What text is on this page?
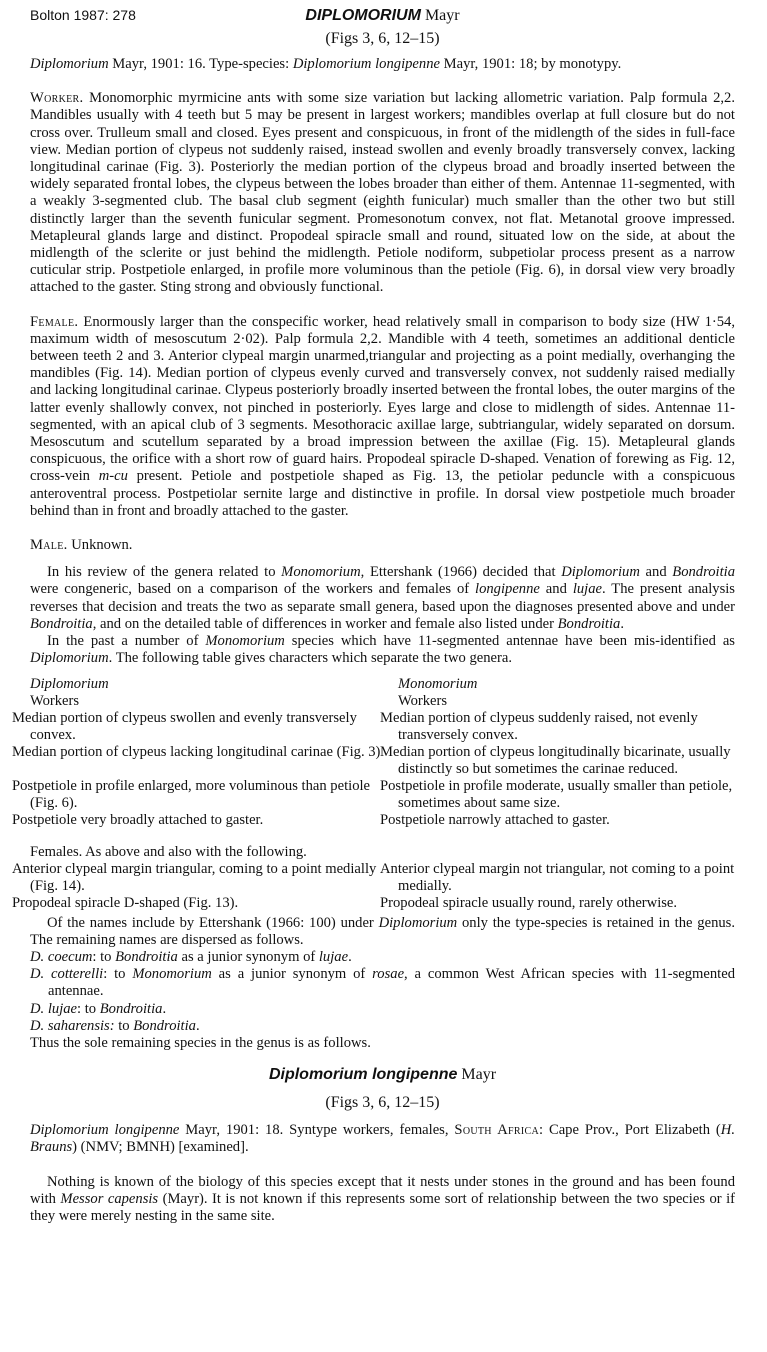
Bolton 1987: 278	DIPLOMORIUM Mayr
(Figs 3, 6, 12–15)

Diplomorium Mayr, 1901: 16. Type-species: Diplomorium longipenne Mayr, 1901: 18; by monotypy.

Worker. Monomorphic myrmicine ants with some size variation but lacking allometric variation. Palp formula 2,2. Mandibles usually with 4 teeth but 5 may be present in largest workers; mandibles overlap at full closure but do not cross over. Trulleum small and closed. Eyes present and conspicuous, in front of the midlength of the sides in full-face view. Median portion of clypeus not suddenly raised, instead swollen and evenly broadly transversely convex, lacking longitudinal carinae (Fig. 3). Posteriorly the median portion of the clypeus broad and broadly inserted between the widely separated frontal lobes, the clypeus between the lobes broader than either of them. Antennae 11-segmented, with a weakly 3-segmented club. The basal club segment (eighth funicular) much smaller than the other two but still distinctly larger than the seventh funicular segment. Promesonotum convex, not flat. Metanotal groove impressed. Metapleural glands large and distinct. Propodeal spiracle small and round, situated low on the side, at about the midlength of the sclerite or just behind the midlength. Petiole nodiform, subpetiolar process present as a narrow cuticular strip. Postpetiole enlarged, in profile more voluminous than the petiole (Fig. 6), in dorsal view very broadly attached to the gaster. Sting strong and obviously functional.

Female. Enormously larger than the conspecific worker, head relatively small in comparison to body size (HW 1·54, maximum width of mesoscutum 2·02). Palp formula 2,2. Mandible with 4 teeth, sometimes an additional denticle between teeth 2 and 3. Anterior clypeal margin unarmed,triangular and projecting as a point medially, overhanging the mandibles (Fig. 14). Median portion of clypeus evenly curved and transversely convex, not suddenly raised medially and lacking longitudinal carinae. Clypeus posteriorly broadly inserted between the frontal lobes, the outer margins of the latter evenly shallowly convex, not pinched in posteriorly. Eyes large and close to midlength of sides. Antennae 11-segmented, with an apical club of 3 segments. Mesothoracic axillae large, subtriangular, widely separated on dorsum. Mesoscutum and scutellum separated by a broad impression between the axillae (Fig. 15). Metapleural glands conspicuous, the orifice with a short row of guard hairs. Propodeal spiracle D-shaped. Venation of forewing as Fig. 12, cross-vein m-cu present. Petiole and postpetiole shaped as Fig. 13, the petiolar peduncle with a conspicuous anteroventral process. Postpetiolar sernite large and distinctive in profile. In dorsal view postpetiole much broader behind than in front and broadly attached to the gaster.

Male. Unknown.

In his review of the genera related to Monomorium, Ettershank (1966) decided that Diplomorium and Bondroitia were congeneric, based on a comparison of the workers and females of longipenne and lujae. The present analysis reverses that decision and treats the two as separate small genera, based upon the diagnoses presented above and under Bondroitia, and on the detailed table of differences in worker and female also listed under Bondroitia.

In the past a number of Monomorium species which have 11-segmented antennae have been mis-identified as Diplomorium. The following table gives characters which separate the two genera.

Diplomorium	Monomorium
Workers	Workers
Median portion of clypeus swollen and evenly transversely convex.	Median portion of clypeus suddenly raised, not evenly transversely convex.
Median portion of clypeus lacking longitudinal carinae (Fig. 3)	Median portion of clypeus longitudinally bicarinate, usually distinctly so but sometimes the carinae reduced.
Postpetiole in profile enlarged, more voluminous than petiole (Fig. 6).	Postpetiole in profile moderate, usually smaller than petiole, sometimes about same size.
Postpetiole very broadly attached to gaster.	Postpetiole narrowly attached to gaster.

Females. As above and also with the following.	
Anterior clypeal margin triangular, coming to a point medially (Fig. 14).	Anterior clypeal margin not triangular, not coming to a point medially.
Propodeal spiracle D-shaped (Fig. 13).	Propodeal spiracle usually round, rarely otherwise.

Of the names include by Ettershank (1966: 100) under Diplomorium only the type-species is retained in the genus. The remaining names are dispersed as follows.

D. coecum: to Bondroitia as a junior synonym of lujae.

D. cotterelli: to Monomorium as a junior synonym of rosae, a common West African species with 11-segmented antennae.

D. lujae: to Bondroitia.

D. saharensis: to Bondroitia.

Thus the sole remaining species in the genus is as follows.

Diplomorium longipenne Mayr
(Figs 3, 6, 12–15)

Diplomorium longipenne Mayr, 1901: 18. Syntype workers, females, South Africa: Cape Prov., Port Elizabeth (H. Brauns) (NMV; BMNH) [examined].

Nothing is known of the biology of this species except that it nests under stones in the ground and has been found with Messor capensis (Mayr). It is not known if this represents some sort of relationship between the two species or if they were merely nesting in the same site.
